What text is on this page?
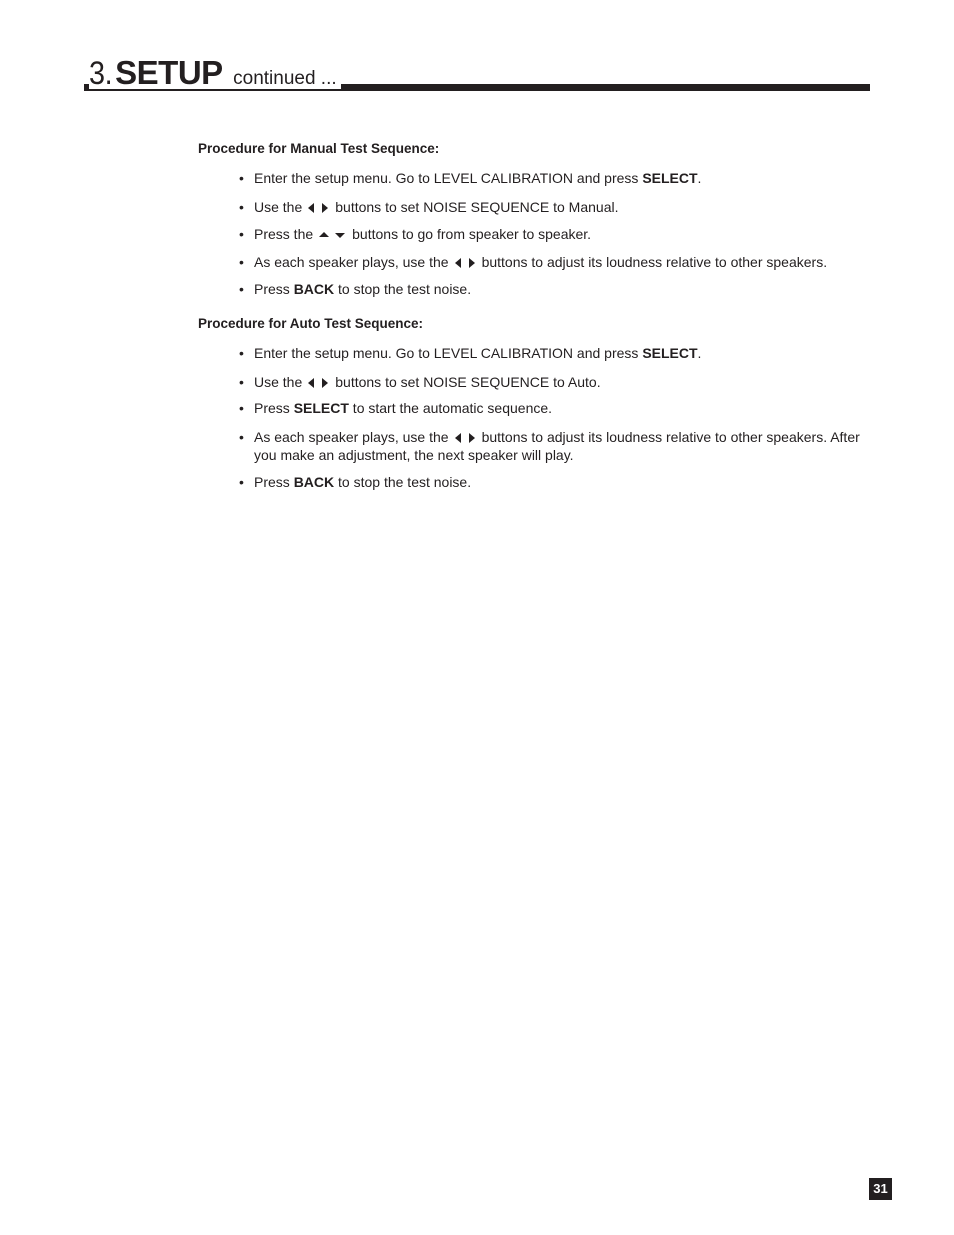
3. SETUP continued ...
Procedure for Manual Test Sequence:
• Enter the setup menu. Go to LEVEL CALIBRATION and press SELECT.
• Use the buttons to set NOISE SEQUENCE to Manual.
• Press the	buttons to go from speaker to speaker.
• As each speaker plays, use the buttons to adjust its loudness relative to other speakers.
• Press BACK to stop the test noise.
Procedure for Auto Test Sequence:
• Enter the setup menu. Go to LEVEL CALIBRATION and press SELECT.
• Use the buttons to set NOISE SEQUENCE to Auto.
• Press SELECT to start the automatic sequence.
• As each speaker plays, use the buttons to adjust its loudness relative to other speakers. After you make an adjustment, the next speaker will play.
• Press BACK to stop the test noise.
31
